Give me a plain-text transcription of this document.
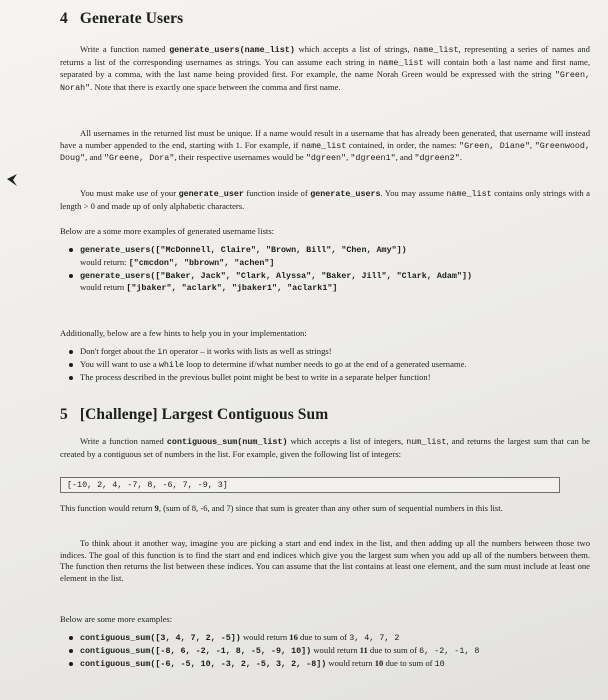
4 Generate Users

Write a function named generate_users(name_list) which accepts a list of strings, name_list, representing a series of names and returns a list of the corresponding usernames as strings. You can assume each string in name_list will contain both a last name and first name, separated by a comma, with the last name being provided first. For example, the name Norah Green would be expressed with the string "Green, Norah". Note that there is exactly one space between the comma and first name.

All usernames in the returned list must be unique. If a name would result in a username that has already been generated, that username will instead have a number appended to the end, starting with 1. For example, if name_list contained, in order, the names: "Green, Diane", "Greenwood, Doug", and "Greene, Dora", their respective usernames would be "dgreen", "dgreen1", and "dgreen2".

You must make use of your generate_user function inside of generate_users. You may assume name_list contains only strings with a length > 0 and made up of only alphabetic characters.

Below are a some more examples of generated username lists:

generate_users(["McDonnell, Claire", "Brown, Bill", "Chen, Amy"])
would return: ["cmcdon", "bbrown", "achen"]
generate_users(["Baker, Jack", "Clark, Alyssa", "Baker, Jill", "Clark, Adam"])
would return ["jbaker", "aclark", "jbaker1", "aclark1"]

Additionally, below are a few hints to help you in your implementation:

Don't forget about the in operator – it works with lists as well as strings!
You will want to use a while loop to determine if/what number needs to go at the end of a generated username.
The process described in the previous bullet point might be best to write in a separate helper function!
5 [Challenge] Largest Contiguous Sum

Write a function named contiguous_sum(num_list) which accepts a list of integers, num_list, and returns the largest sum that can be created by a contiguous set of numbers in the list. For example, given the following list of integers:

[-10, 2, 4, -7, 8, -6, 7, -9, 3]

This function would return 9, (sum of 8, -6, and 7) since that sum is greater than any other sum of sequential numbers in this list.

To think about it another way, imagine you are picking a start and end index in the list, and then adding up all the numbers between those two indices. The goal of this function is to find the start and end indices which give you the largest sum when you add up all of the numbers between them. The function then returns the list between these indices. You can assume that the list contains at least one element, and the sum must include at least one element in the list.

Below are some more examples:

contiguous_sum([3, 4, 7, 2, -5]) would return 16 due to sum of 3, 4, 7, 2
contiguous_sum([-8, 6, -2, -1, 8, -5, -9, 10]) would return 11 due to sum of 6, -2, -1, 8
contiguous_sum([-6, -5, 10, -3, 2, -5, 3, 2, -8]) would return 10 due to sum of 10
